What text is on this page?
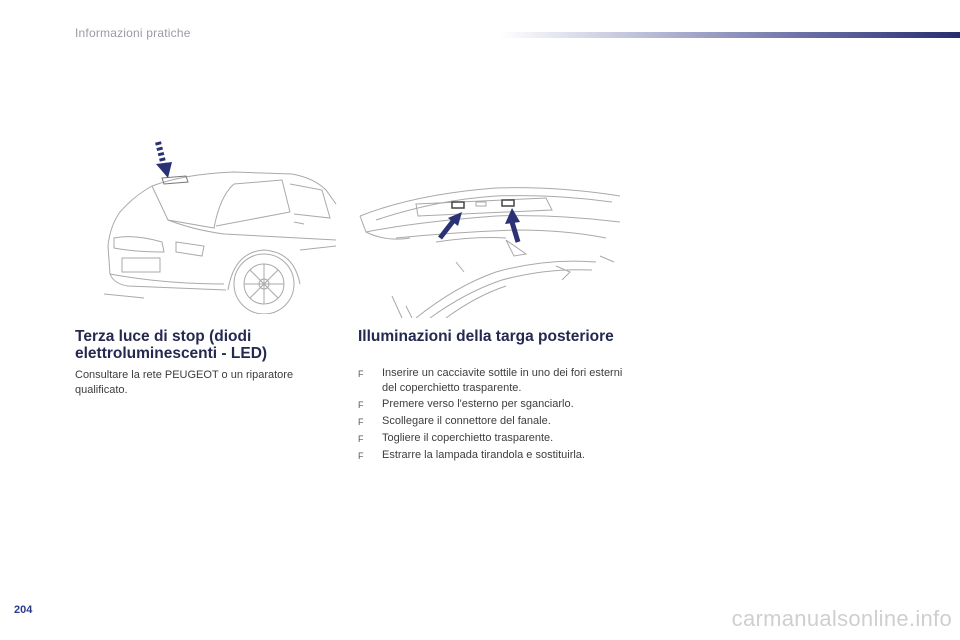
Informazioni pratiche
Terza luce di stop (diodi elettroluminescenti - LED)

Consultare la rete PEUGEOT o un riparatore qualificato.

Illuminazioni della targa posteriore
F	Inserire un cacciavite sottile in uno dei fori esterni del coperchietto trasparente.
F	Premere verso l'esterno per sganciarlo.
F	Scollegare il connettore del fanale.
F	Togliere il coperchietto trasparente.
F	Estrarre la lampada tirandola e sostituirla.
204	carmanualsonline.info
